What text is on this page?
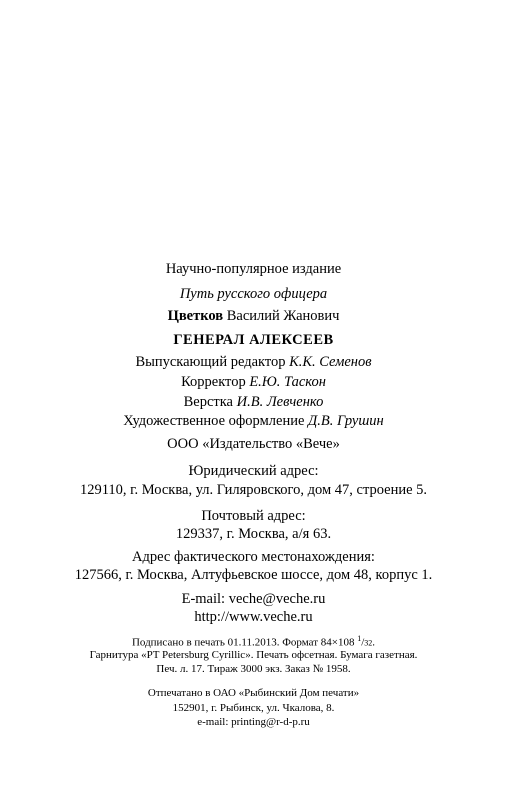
Научно-популярное издание
Путь русского офицера
Цветков Василий Жанович
ГЕНЕРАЛ АЛЕКСЕЕВ
Выпускающий редактор К.К. Семенов
Корректор Е.Ю. Таскон
Верстка И.В. Левченко
Художественное оформление Д.В. Грушин
ООО «Издательство «Вече»
Юридический адрес:
129110, г. Москва, ул. Гиляровского, дом 47, строение 5.
Почтовый адрес:
129337, г. Москва, а/я 63.
Адрес фактического местонахождения:
127566, г. Москва, Алтуфьевское шоссе, дом 48, корпус 1.
E-mail: veche@veche.ru
http://www.veche.ru
Подписано в печать 01.11.2013. Формат 84×108 $^1$/32.
Гарнитура «PT Petersburg Cyrillic». Печать офсетная. Бумага газетная.
Печ. л. 17. Тираж 3000 экз. Заказ № 1958.
Отпечатано в ОАО «Рыбинский Дом печати»
152901, г. Рыбинск, ул. Чкалова, 8.
e-mail: printing@r-d-p.ru
